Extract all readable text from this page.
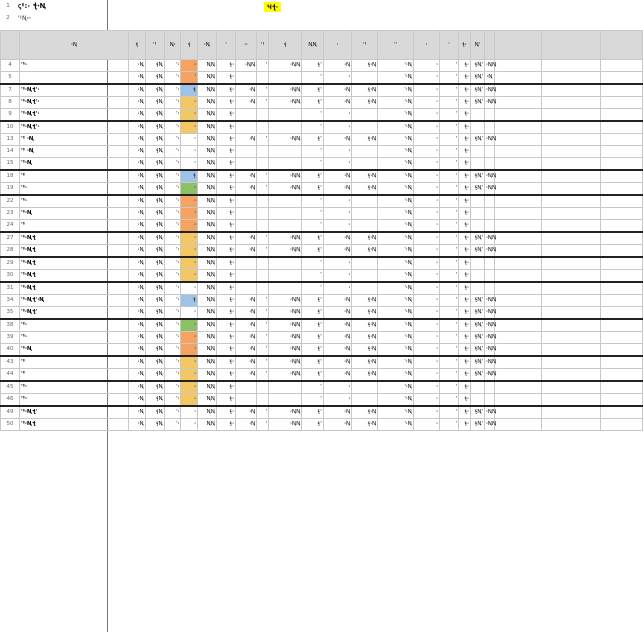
1
2
ꞔꞋ꞉꞊ ꞎꞏꞐ
ꞌꞋꞐ꞊ꞏ
Ɥꞎꞏ
	ꞏꞐ	ꞎ	ꞌꞋ	Ꞑꞏ	ꞎ	ꞏꞐ	ꞌ	ꞏꞏ	ꞌꞋ	ꞎ	ꞐꞐ	ꞏ	ꞌꞋ	ꞌꞌ	ꞏ	ꞌ	ꞎꞏ	Ꞑꞌ				
4	ꞌꞋꞏ	ꞏꞐ	ꞎꞐ	ꞌꞏ	ꞏ	ꞐꞐ	ꞎꞏ	ꞏꞐꞐ	ꞌ	ꞏꞐꞐ	ꞎꞌ	ꞏꞐ	ꞎꞏꞐ	ꞌꞏꞐ	ꞏ	ꞌ	ꞎꞏ	ꞎꞐꞌ	ꞏꞐꞐ			
5		ꞏꞐ	ꞎꞐ	ꞌꞏ	ꞌ	ꞐꞐ	ꞎꞏ				ꞌ	ꞏ		ꞌꞏꞐ	ꞏ	ꞌ	ꞎꞏ	ꞎꞐꞌ	ꞏꞐ			
7	ꞌꞋꞏꞐꞎꞌꞏ	ꞏꞐ	ꞎꞐ	ꞌꞏ	ꞎ	ꞐꞐ	ꞎꞏ	ꞏꞐ	ꞌ	ꞏꞐꞐ	ꞎꞌ	ꞏꞐ	ꞎꞏꞐ	ꞌꞏꞐ	ꞏ	ꞌ	ꞎꞏ	ꞎꞐꞌ	ꞏꞐꞐ			
8	ꞌꞋꞏꞐꞎꞌꞏ	ꞏꞐ	ꞎꞐ	ꞌꞏ	ꞏ	ꞐꞐ	ꞎꞏ	ꞏꞐ	ꞌ	ꞏꞐꞐ	ꞎꞌ	ꞏꞐ	ꞎꞏꞐ	ꞌꞏꞐ	ꞏ	ꞌ	ꞎꞏ	ꞎꞐꞌ	ꞏꞐꞐ			
9	ꞌꞋꞏꞐꞎꞌꞏ	ꞏꞐ	ꞎꞐ	ꞌꞏ	ꞏ	ꞐꞐ	ꞎꞏ				ꞌ	ꞏ		ꞌꞏꞐ	ꞏ	ꞌ	ꞎꞏ					
10	ꞌꞋꞏꞐꞎꞌꞏ	ꞏꞐ	ꞎꞐ	ꞌꞏ	ꞏ	ꞐꞐ	ꞎꞏ				ꞌ	ꞏ		ꞌꞏꞐ	ꞏ	ꞌ	ꞎꞏ					
13	ꞌꞋ ꞏꞐ	ꞏꞐ	ꞎꞐ	ꞌꞏ	ꞏ	ꞐꞐ	ꞎꞏ	ꞏꞐ	ꞌ	ꞏꞐꞐ	ꞎꞌ	ꞏꞐ	ꞎꞏꞐ	ꞌꞏꞐ	ꞏ	ꞌ	ꞎꞏ	ꞎꞐꞌ	ꞏꞐꞐ			
14	ꞌꞋ ꞏꞐ	ꞏꞐ	ꞎꞐ	ꞌꞏ	ꞏ	ꞐꞐ	ꞎꞏ				ꞌ	ꞏ		ꞌꞏꞐ	ꞏ	ꞌ	ꞎꞏ					
15	ꞌꞋꞏꞐ	ꞏꞐ	ꞎꞐ	ꞌꞏ	ꞏ	ꞐꞐ	ꞎꞏ				ꞌ	ꞏ		ꞌꞏꞐ	ꞏ	ꞌ	ꞎꞏ					
18	ꞌꞋ	ꞏꞐ	ꞎꞐ	ꞌꞏ	ꞎ	ꞐꞐ	ꞎꞏ	ꞏꞐ	ꞌ	ꞏꞐꞐ	ꞎꞌ	ꞏꞐ	ꞎꞏꞐ	ꞌꞏꞐ	ꞏ	ꞌ	ꞎꞏ	ꞎꞐꞌ	ꞏꞐꞐ			
19	ꞌꞋꞏ	ꞏꞐ	ꞎꞐ	ꞌꞏ	ꞏ	ꞐꞐ	ꞎꞏ	ꞏꞐ	ꞌ	ꞏꞐꞐ	ꞎꞌ	ꞏꞐ	ꞎꞏꞐ	ꞌꞏꞐ	ꞏ	ꞌ	ꞎꞏ	ꞎꞐꞌ	ꞏꞐꞐ			
22	ꞌꞋꞏ	ꞏꞐ	ꞎꞐ	ꞌꞏ	ꞏ	ꞐꞐ	ꞎꞏ				ꞌ	ꞏ		ꞌꞏꞐ	ꞏ	ꞌ	ꞎꞏ					
23	ꞌꞋꞏꞐ	ꞏꞐ	ꞎꞐ	ꞌꞏ	ꞏ	ꞐꞐ	ꞎꞏ				ꞌ	ꞏ		ꞌꞏꞐ	ꞏ	ꞌ	ꞎꞏ					
24	ꞌꞋ	ꞏꞐ	ꞎꞐ	ꞌꞏ	ꞏ	ꞐꞐ	ꞎꞏ				ꞌ	ꞏ		ꞌꞏꞐ	ꞏ	ꞌ	ꞎꞏ					
27	ꞌꞋꞏꞐꞎ	ꞏꞐ	ꞎꞐ	ꞌꞏ	ꞏ	ꞐꞐ	ꞎꞏ	ꞏꞐ	ꞌ	ꞏꞐꞐ	ꞎꞌ	ꞏꞐ	ꞎꞏꞐ	ꞌꞏꞐ	ꞏ	ꞌ	ꞎꞏ	ꞎꞐꞌ	ꞏꞐꞐ			
28	ꞌꞋꞏꞐꞎ	ꞏꞐ	ꞎꞐ	ꞌꞏ	ꞏ	ꞐꞐ	ꞎꞏ	ꞏꞐ	ꞌ	ꞏꞐꞐ	ꞎꞌ	ꞏꞐ	ꞎꞏꞐ	ꞌꞏꞐ	ꞏ	ꞌ	ꞎꞏ	ꞎꞐꞌ	ꞏꞐꞐ			
29	ꞌꞋꞏꞐꞎ	ꞏꞐ	ꞎꞐ	ꞌꞏ	ꞏ	ꞐꞐ	ꞎꞏ				ꞌ	ꞏ		ꞌꞏꞐ	ꞏ	ꞌ	ꞎꞏ					
30	ꞌꞋꞏꞐꞎ	ꞏꞐ	ꞎꞐ	ꞌꞏ	ꞏ	ꞐꞐ	ꞎꞏ				ꞌ	ꞏ		ꞌꞏꞐ	ꞏ	ꞌ	ꞎꞏ					
31	ꞌꞋꞏꞐꞎ	ꞏꞐ	ꞎꞐ	ꞌꞏ	ꞏ	ꞐꞐ	ꞎꞏ				ꞌ	ꞏ		ꞌꞏꞐ	ꞏ	ꞌ	ꞎꞏ					
34	ꞌꞋꞏꞐꞎꞌꞏꞐ	ꞏꞐ	ꞎꞐ	ꞌꞏ	ꞎ	ꞐꞐ	ꞎꞏ	ꞏꞐ	ꞌ	ꞏꞐꞐ	ꞎꞌ	ꞏꞐ	ꞎꞏꞐ	ꞌꞏꞐ	ꞏ	ꞌ	ꞎꞏ	ꞎꞐꞌ	ꞏꞐꞐ			
35	ꞌꞋꞏꞐꞎꞌ	ꞏꞐ	ꞎꞐ	ꞌꞏ	ꞏ	ꞐꞐ	ꞎꞏ	ꞏꞐ	ꞌ	ꞏꞐꞐ	ꞎꞌ	ꞏꞐ	ꞎꞏꞐ	ꞌꞏꞐ	ꞏ	ꞌ	ꞎꞏ	ꞎꞐꞌ	ꞏꞐꞐ			
38	ꞌꞋꞏ	ꞏꞐ	ꞎꞐ	ꞌꞏ	ꞏ	ꞐꞐ	ꞎꞏ	ꞏꞐ	ꞌ	ꞏꞐꞐ	ꞎꞌ	ꞏꞐ	ꞎꞏꞐ	ꞌꞏꞐ	ꞏ	ꞌ	ꞎꞏ	ꞎꞐꞌ	ꞏꞐꞐ			
39	ꞌꞋꞏ	ꞏꞐ	ꞎꞐ	ꞌꞏ	ꞏ	ꞐꞐ	ꞎꞏ	ꞏꞐ	ꞌ	ꞏꞐꞐ	ꞎꞌ	ꞏꞐ	ꞎꞏꞐ	ꞌꞏꞐ	ꞏ	ꞌ	ꞎꞏ	ꞎꞐꞌ	ꞏꞐꞐ			
40	ꞌꞋꞏꞐ	ꞏꞐ	ꞎꞐ	ꞌꞏ	ꞏ	ꞐꞐ	ꞎꞏ	ꞏꞐ	ꞌ	ꞏꞐꞐ	ꞎꞌ	ꞏꞐ	ꞎꞏꞐ	ꞌꞏꞐ	ꞏ	ꞌ	ꞎꞏ	ꞎꞐꞌ	ꞏꞐꞐ			
43	ꞌꞋ	ꞏꞐ	ꞎꞐ	ꞌꞏ	ꞏ	ꞐꞐ	ꞎꞏ	ꞏꞐ	ꞌ	ꞏꞐꞐ	ꞎꞌ	ꞏꞐ	ꞎꞏꞐ	ꞌꞏꞐ	ꞏ	ꞌ	ꞎꞏ	ꞎꞐꞌ	ꞏꞐꞐ			
44	ꞌꞋ	ꞏꞐ	ꞎꞐ	ꞌꞏ	ꞏ	ꞐꞐ	ꞎꞏ	ꞏꞐ	ꞌ	ꞏꞐꞐ	ꞎꞌ	ꞏꞐ	ꞎꞏꞐ	ꞌꞏꞐ	ꞏ	ꞌ	ꞎꞏ	ꞎꞐꞌ	ꞏꞐꞐ			
45	ꞌꞋꞏ	ꞏꞐ	ꞎꞐ	ꞌꞏ	ꞏ	ꞐꞐ	ꞎꞏ				ꞌ	ꞏ		ꞌꞏꞐ	ꞏ	ꞌ	ꞎꞏ					
46	ꞌꞋꞏ	ꞏꞐ	ꞎꞐ	ꞌꞏ	ꞏ	ꞐꞐ	ꞎꞏ				ꞌ	ꞏ		ꞌꞏꞐ	ꞏ	ꞌ	ꞎꞏ					
49	ꞌꞋꞏꞐꞎꞌ	ꞏꞐ	ꞎꞐ	ꞌꞏ	ꞏ	ꞐꞐ	ꞎꞏ	ꞏꞐ	ꞌ	ꞏꞐꞐ	ꞎꞌ	ꞏꞐ	ꞎꞏꞐ	ꞌꞏꞐ	ꞏ	ꞌ	ꞎꞏ	ꞎꞐꞌ	ꞏꞐꞐ			
50	ꞌꞋꞏꞐꞎ	ꞏꞐ	ꞎꞐ	ꞌꞏ	ꞏ	ꞐꞐ	ꞎꞏ	ꞏꞐ	ꞌ	ꞏꞐꞐ	ꞎꞌ	ꞏꞐ	ꞎꞏꞐ	ꞌꞏꞐ	ꞏ	ꞌ	ꞎꞏ	ꞎꞐꞌ	ꞏꞐꞐ			
